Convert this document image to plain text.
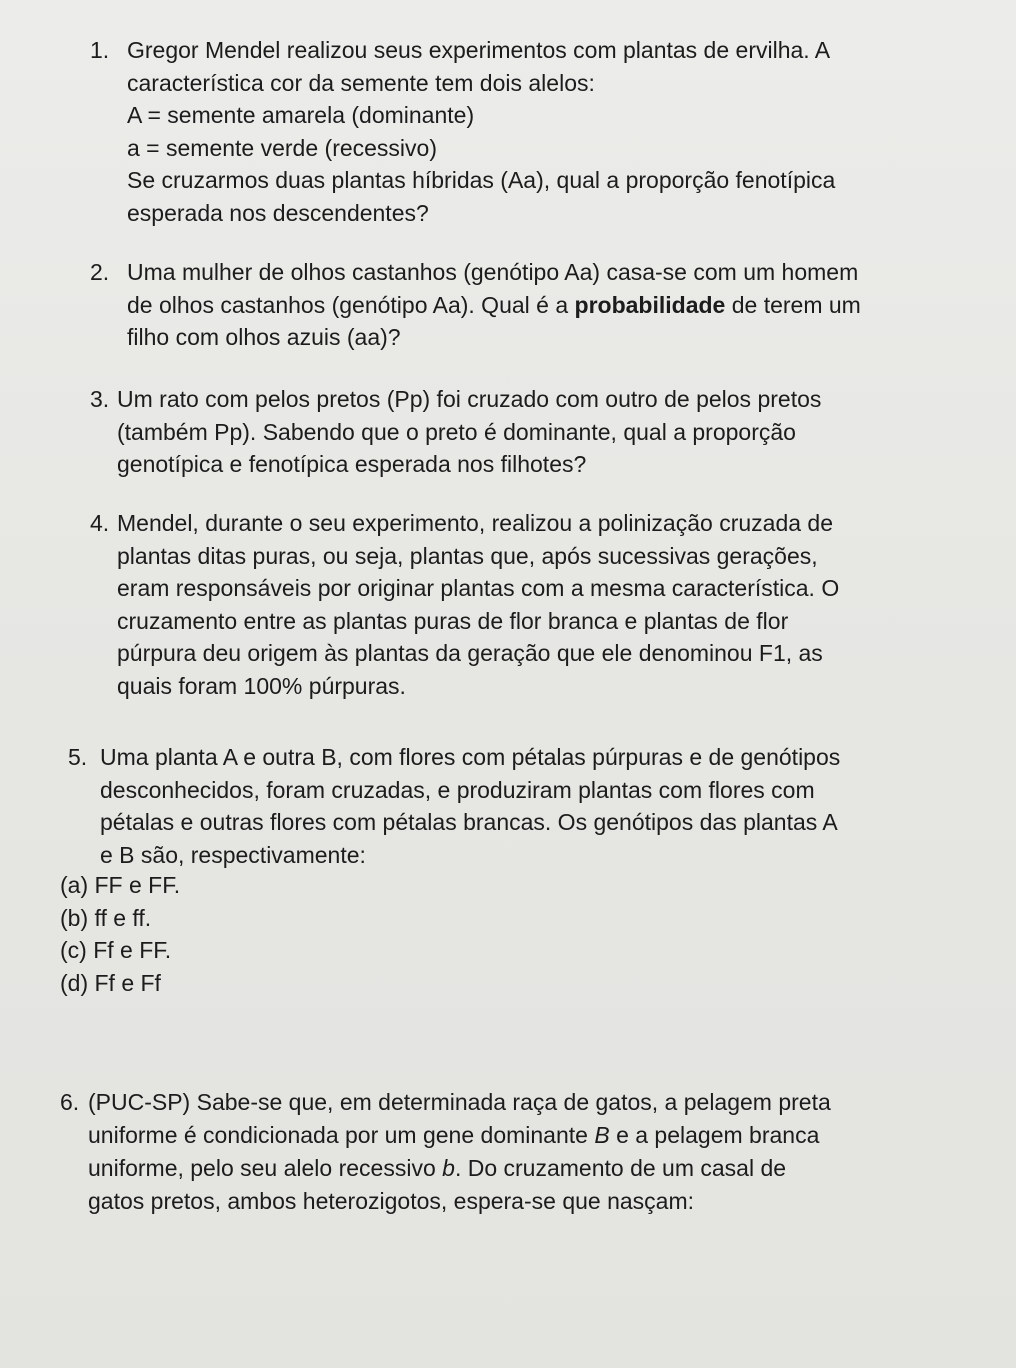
⠀
1. Gregor Mendel realizou seus experimentos com plantas de ervilha. A

característica cor da semente tem dois alelos:

A = semente amarela (dominante)

a = semente verde (recessivo)

Se cruzarmos duas plantas híbridas (Aa), qual a proporção fenotípica

esperada nos descendentes?

2. Uma mulher de olhos castanhos (genótipo Aa) casa-se com um homem

de olhos castanhos (genótipo Aa). Qual é a probabilidade de terem um

filho com olhos azuis (aa)?

3. Um rato com pelos pretos (Pp) foi cruzado com outro de pelos pretos

(também Pp). Sabendo que o preto é dominante, qual a proporção

genotípica e fenotípica esperada nos filhotes?

4. Mendel, durante o seu experimento, realizou a polinização cruzada de

plantas ditas puras, ou seja, plantas que, após sucessivas gerações,

eram responsáveis por originar plantas com a mesma característica. O

cruzamento entre as plantas puras de flor branca e plantas de flor

púrpura deu origem às plantas da geração que ele denominou F1, as

quais foram 100% púrpuras.

5. Uma planta A e outra B, com flores com pétalas púrpuras e de genótipos

desconhecidos, foram cruzadas, e produziram plantas com flores com

pétalas e outras flores com pétalas brancas. Os genótipos das plantas A

e B são, respectivamente:

(a) FF e FF.

(b) ff e ff.

(c) Ff e FF.

(d) Ff e Ff

6. (PUC-SP) Sabe-se que, em determinada raça de gatos, a pelagem preta

uniforme é condicionada por um gene dominante B e a pelagem branca

uniforme, pelo seu alelo recessivo b. Do cruzamento de um casal de

gatos pretos, ambos heterozigotos, espera-se que nasçam:
